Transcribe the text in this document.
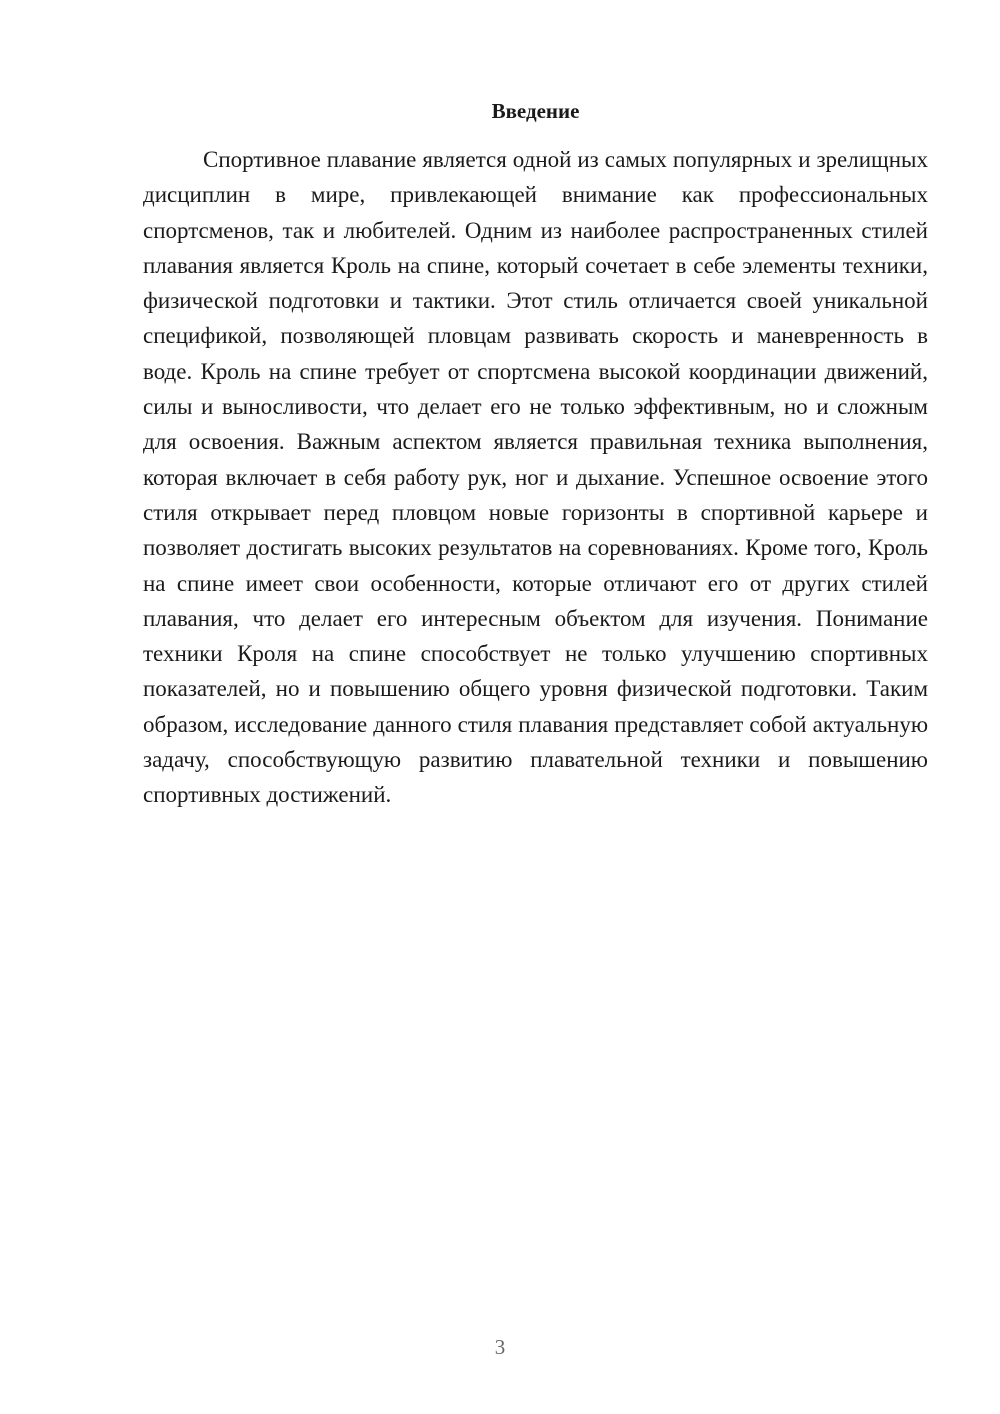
Введение

Спортивное плавание является одной из самых популярных и зрелищных дисциплин в мире, привлекающей внимание как профессиональных спортсменов, так и любителей. Одним из наиболее распространенных стилей плавания является Кроль на спине, который сочетает в себе элементы техники, физической подготовки и тактики. Этот стиль отличается своей уникальной спецификой, позволяющей пловцам развивать скорость и маневренность в воде. Кроль на спине требует от спортсмена высокой координации движений, силы и выносливости, что делает его не только эффективным, но и сложным для освоения. Важным аспектом является правильная техника выполнения, которая включает в себя работу рук, ног и дыхание. Успешное освоение этого стиля открывает перед пловцом новые горизонты в спортивной карьере и позволяет достигать высоких результатов на соревнованиях. Кроме того, Кроль на спине имеет свои особенности, которые отличают его от других стилей плавания, что делает его интересным объектом для изучения. Понимание техники Кроля на спине способствует не только улучшению спортивных показателей, но и повышению общего уровня физической подготовки. Таким образом, исследование данного стиля плавания представляет собой актуальную задачу, способствующую развитию плавательной техники и повышению спортивных достижений.

3
